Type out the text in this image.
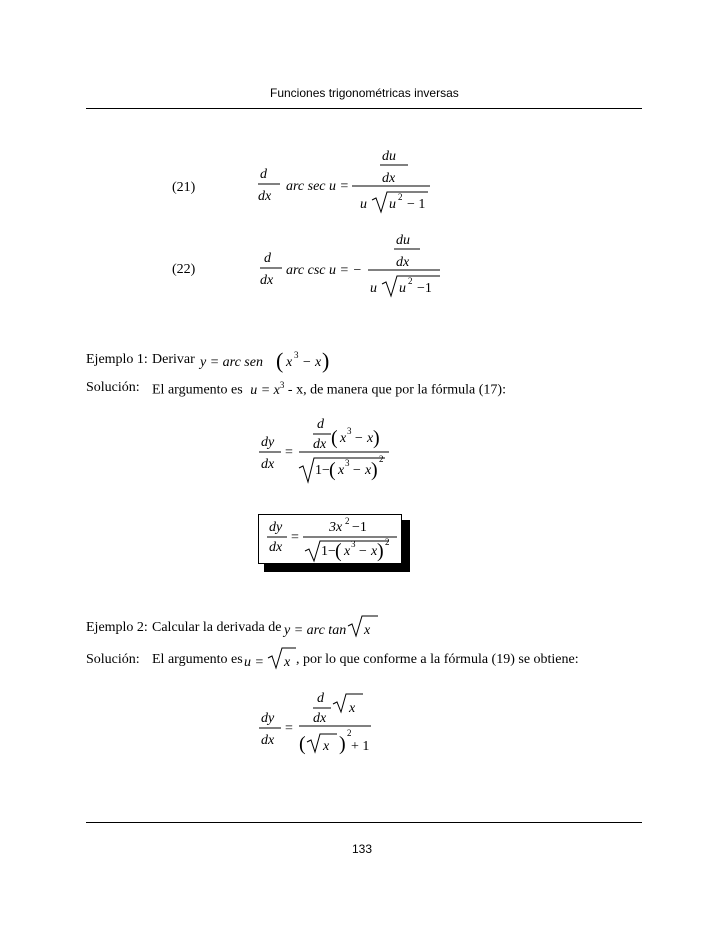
Funciones trigonométricas inversas
(21)
d
dx
arc sec u =
du
dx
u u 2 − 1
(22)
d
dx
arc csc u = −
du
dx
u u 2 −1
Ejemplo 1: Derivar y = arc sen ( x 3 − x )
Solución: El argumento es $u = x^3 - x$, de manera que por la fórmula (17):
dy
dx
=
d
dx ( x 3 − x )
1− ( x 3 − x ) 2
dy
dx
=
3x 2 −1
1− ( x 3 − x ) 2
Ejemplo 2: Calcular la derivada de y = arc tan x
Solución: El argumento es u = x , por lo que conforme a la fórmula (19) se obtiene:
dy
dx
=
d
dx
x
( x ) 2
+ 1
133
